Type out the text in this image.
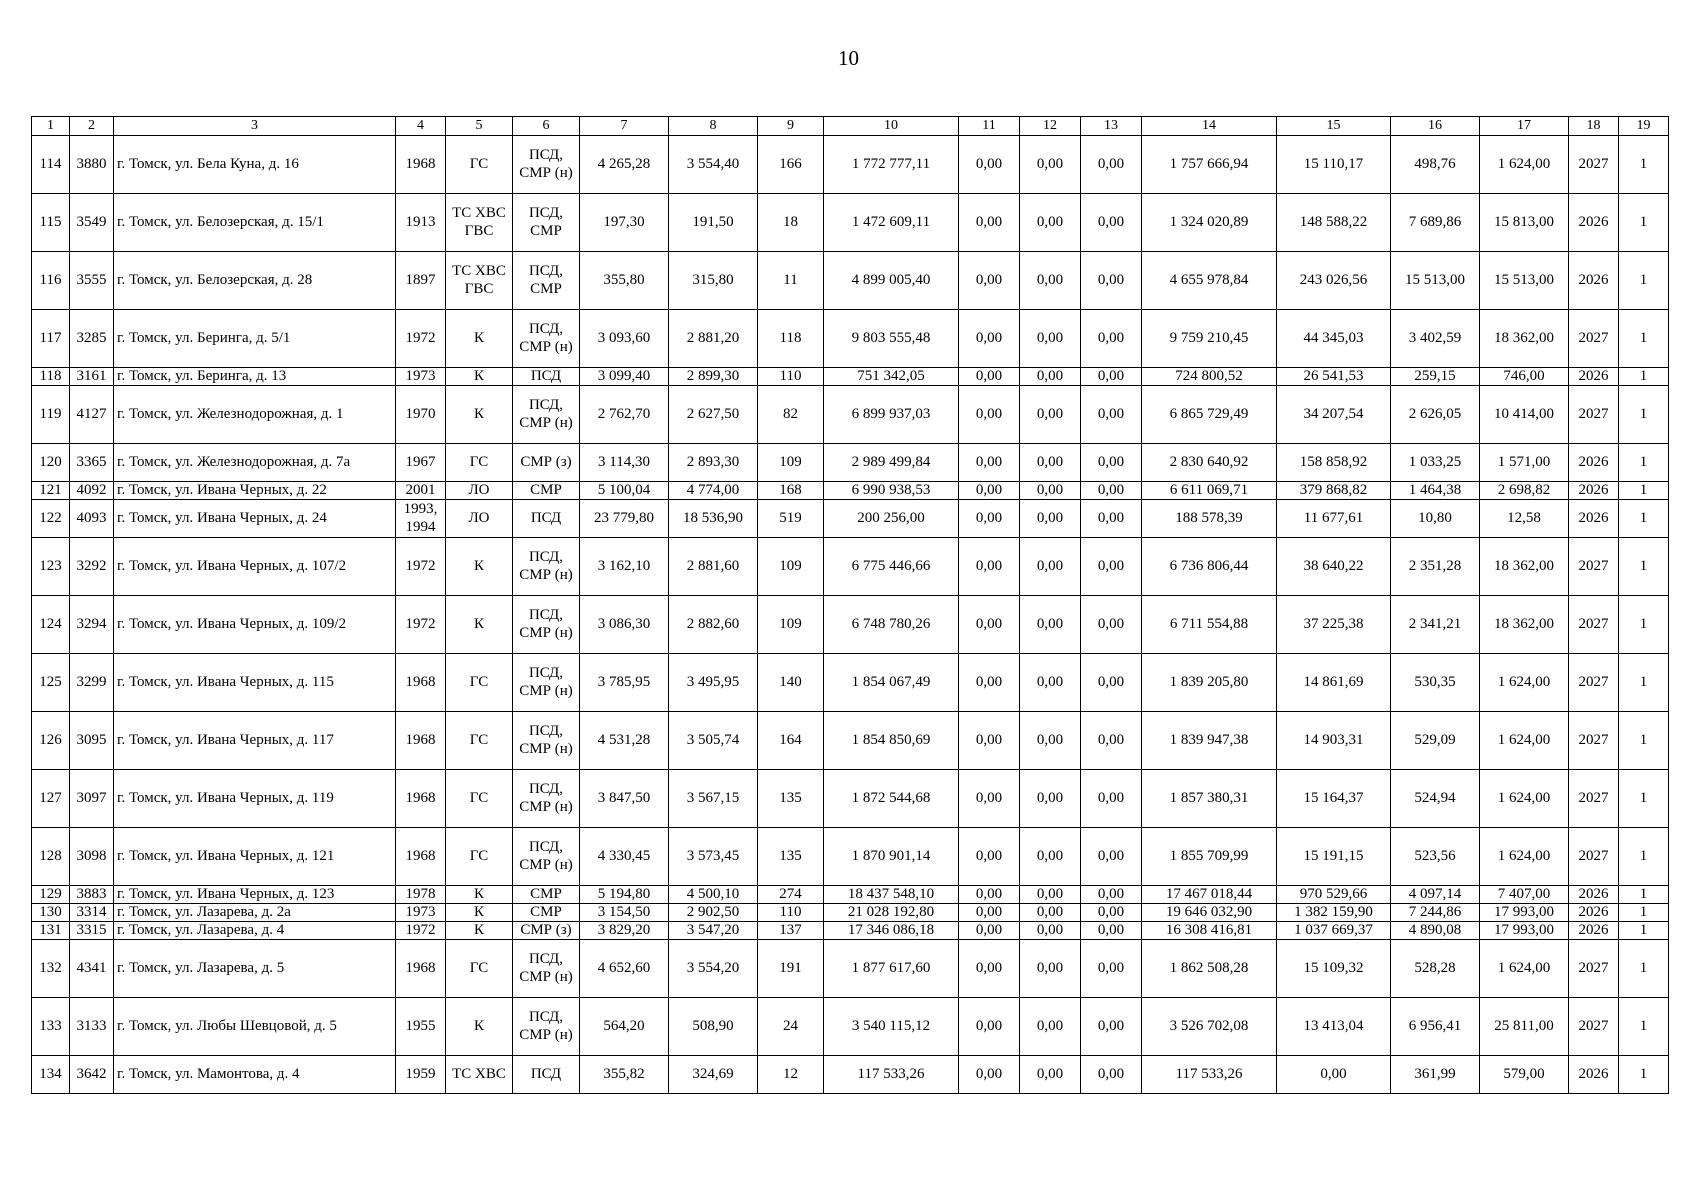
10
1	2	3	4	5	6	7	8	9	10	11	12	13	14	15	16	17	18	19
114	3880	г. Томск, ул. Бела Куна, д. 16	1968	ГС	ПСД, СМР (н)	4 265,28	3 554,40	166	1 772 777,11	0,00	0,00	0,00	1 757 666,94	15 110,17	498,76	1 624,00	2027	1
115	3549	г. Томск, ул. Белозерская, д. 15/1	1913	ТС ХВС ГВС	ПСД, СМР	197,30	191,50	18	1 472 609,11	0,00	0,00	0,00	1 324 020,89	148 588,22	7 689,86	15 813,00	2026	1
116	3555	г. Томск, ул. Белозерская, д. 28	1897	ТС ХВС ГВС	ПСД, СМР	355,80	315,80	11	4 899 005,40	0,00	0,00	0,00	4 655 978,84	243 026,56	15 513,00	15 513,00	2026	1
117	3285	г. Томск, ул. Беринга, д. 5/1	1972	К	ПСД, СМР (н)	3 093,60	2 881,20	118	9 803 555,48	0,00	0,00	0,00	9 759 210,45	44 345,03	3 402,59	18 362,00	2027	1
118	3161	г. Томск, ул. Беринга, д. 13	1973	К	ПСД	3 099,40	2 899,30	110	751 342,05	0,00	0,00	0,00	724 800,52	26 541,53	259,15	746,00	2026	1
119	4127	г. Томск, ул. Железнодорожная, д. 1	1970	К	ПСД, СМР (н)	2 762,70	2 627,50	82	6 899 937,03	0,00	0,00	0,00	6 865 729,49	34 207,54	2 626,05	10 414,00	2027	1
120	3365	г. Томск, ул. Железнодорожная, д. 7а	1967	ГС	СМР (з)	3 114,30	2 893,30	109	2 989 499,84	0,00	0,00	0,00	2 830 640,92	158 858,92	1 033,25	1 571,00	2026	1
121	4092	г. Томск, ул. Ивана Черных, д. 22	2001	ЛО	СМР	5 100,04	4 774,00	168	6 990 938,53	0,00	0,00	0,00	6 611 069,71	379 868,82	1 464,38	2 698,82	2026	1
122	4093	г. Томск, ул. Ивана Черных, д. 24	1993, 1994	ЛО	ПСД	23 779,80	18 536,90	519	200 256,00	0,00	0,00	0,00	188 578,39	11 677,61	10,80	12,58	2026	1
123	3292	г. Томск, ул. Ивана Черных, д. 107/2	1972	К	ПСД, СМР (н)	3 162,10	2 881,60	109	6 775 446,66	0,00	0,00	0,00	6 736 806,44	38 640,22	2 351,28	18 362,00	2027	1
124	3294	г. Томск, ул. Ивана Черных, д. 109/2	1972	К	ПСД, СМР (н)	3 086,30	2 882,60	109	6 748 780,26	0,00	0,00	0,00	6 711 554,88	37 225,38	2 341,21	18 362,00	2027	1
125	3299	г. Томск, ул. Ивана Черных, д. 115	1968	ГС	ПСД, СМР (н)	3 785,95	3 495,95	140	1 854 067,49	0,00	0,00	0,00	1 839 205,80	14 861,69	530,35	1 624,00	2027	1
126	3095	г. Томск, ул. Ивана Черных, д. 117	1968	ГС	ПСД, СМР (н)	4 531,28	3 505,74	164	1 854 850,69	0,00	0,00	0,00	1 839 947,38	14 903,31	529,09	1 624,00	2027	1
127	3097	г. Томск, ул. Ивана Черных, д. 119	1968	ГС	ПСД, СМР (н)	3 847,50	3 567,15	135	1 872 544,68	0,00	0,00	0,00	1 857 380,31	15 164,37	524,94	1 624,00	2027	1
128	3098	г. Томск, ул. Ивана Черных, д. 121	1968	ГС	ПСД, СМР (н)	4 330,45	3 573,45	135	1 870 901,14	0,00	0,00	0,00	1 855 709,99	15 191,15	523,56	1 624,00	2027	1
129	3883	г. Томск, ул. Ивана Черных, д. 123	1978	К	СМР	5 194,80	4 500,10	274	18 437 548,10	0,00	0,00	0,00	17 467 018,44	970 529,66	4 097,14	7 407,00	2026	1
130	3314	г. Томск, ул. Лазарева, д. 2а	1973	К	СМР	3 154,50	2 902,50	110	21 028 192,80	0,00	0,00	0,00	19 646 032,90	1 382 159,90	7 244,86	17 993,00	2026	1
131	3315	г. Томск, ул. Лазарева, д. 4	1972	К	СМР (з)	3 829,20	3 547,20	137	17 346 086,18	0,00	0,00	0,00	16 308 416,81	1 037 669,37	4 890,08	17 993,00	2026	1
132	4341	г. Томск, ул. Лазарева, д. 5	1968	ГС	ПСД, СМР (н)	4 652,60	3 554,20	191	1 877 617,60	0,00	0,00	0,00	1 862 508,28	15 109,32	528,28	1 624,00	2027	1
133	3133	г. Томск, ул. Любы Шевцовой, д. 5	1955	К	ПСД, СМР (н)	564,20	508,90	24	3 540 115,12	0,00	0,00	0,00	3 526 702,08	13 413,04	6 956,41	25 811,00	2027	1
134	3642	г. Томск, ул. Мамонтова, д. 4	1959	ТС ХВС	ПСД	355,82	324,69	12	117 533,26	0,00	0,00	0,00	117 533,26	0,00	361,99	579,00	2026	1
